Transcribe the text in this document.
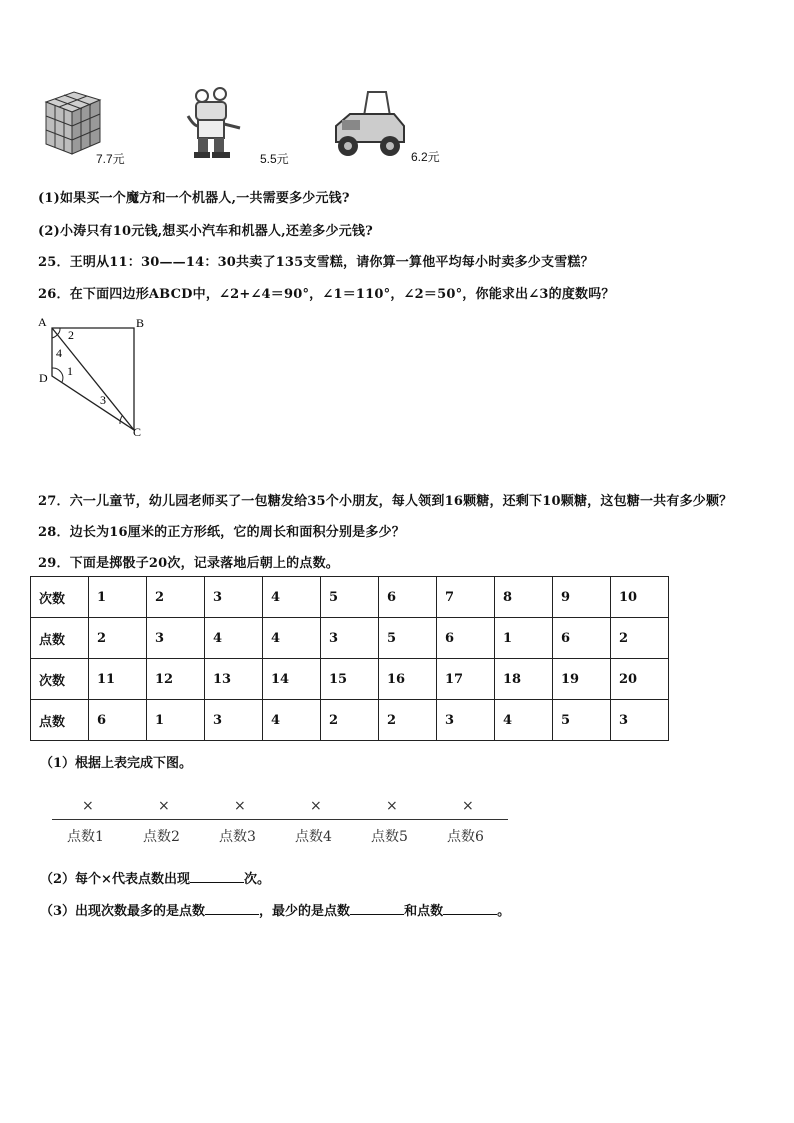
7.7元	5.5元	6.2元
(1)如果买一个魔方和一个机器人,一共需要多少元钱?
(2)小涛只有10元钱,想买小汽车和机器人,还差多少元钱?
25．王明从11：30——14：30共卖了135支雪糕，请你算一算他平均每小时卖多少支雪糕？
26．在下面四边形ABCD中，∠2+∠4＝90°，∠1＝110°，∠2＝50°，你能求出∠3的度数吗？
A	B
C
D 1
2
3
4
27．六一儿童节，幼儿园老师买了一包糖发给35个小朋友，每人领到16颗糖，还剩下10颗糖，这包糖一共有多少颗？
28．边长为16厘米的正方形纸，它的周长和面积分别是多少？
29．下面是掷骰子20次，记录落地后朝上的点数。
次数	1	2	3	4	5	6	7	8	9	10
点数	2	3	4	4	3	5	6	1	6	2
次数	11	12	13	14	15	16	17	18	19	20
点数	6	1	3	4	2	2	3	4	5	3
（1）根据上表完成下图。
×	×	×	×	×	×
点数1	点数2	点数3	点数4	点数5	点数6
（2）每个×代表点数出现	次。
（3）出现次数最多的是点数	，最少的是点数	和点数	。
